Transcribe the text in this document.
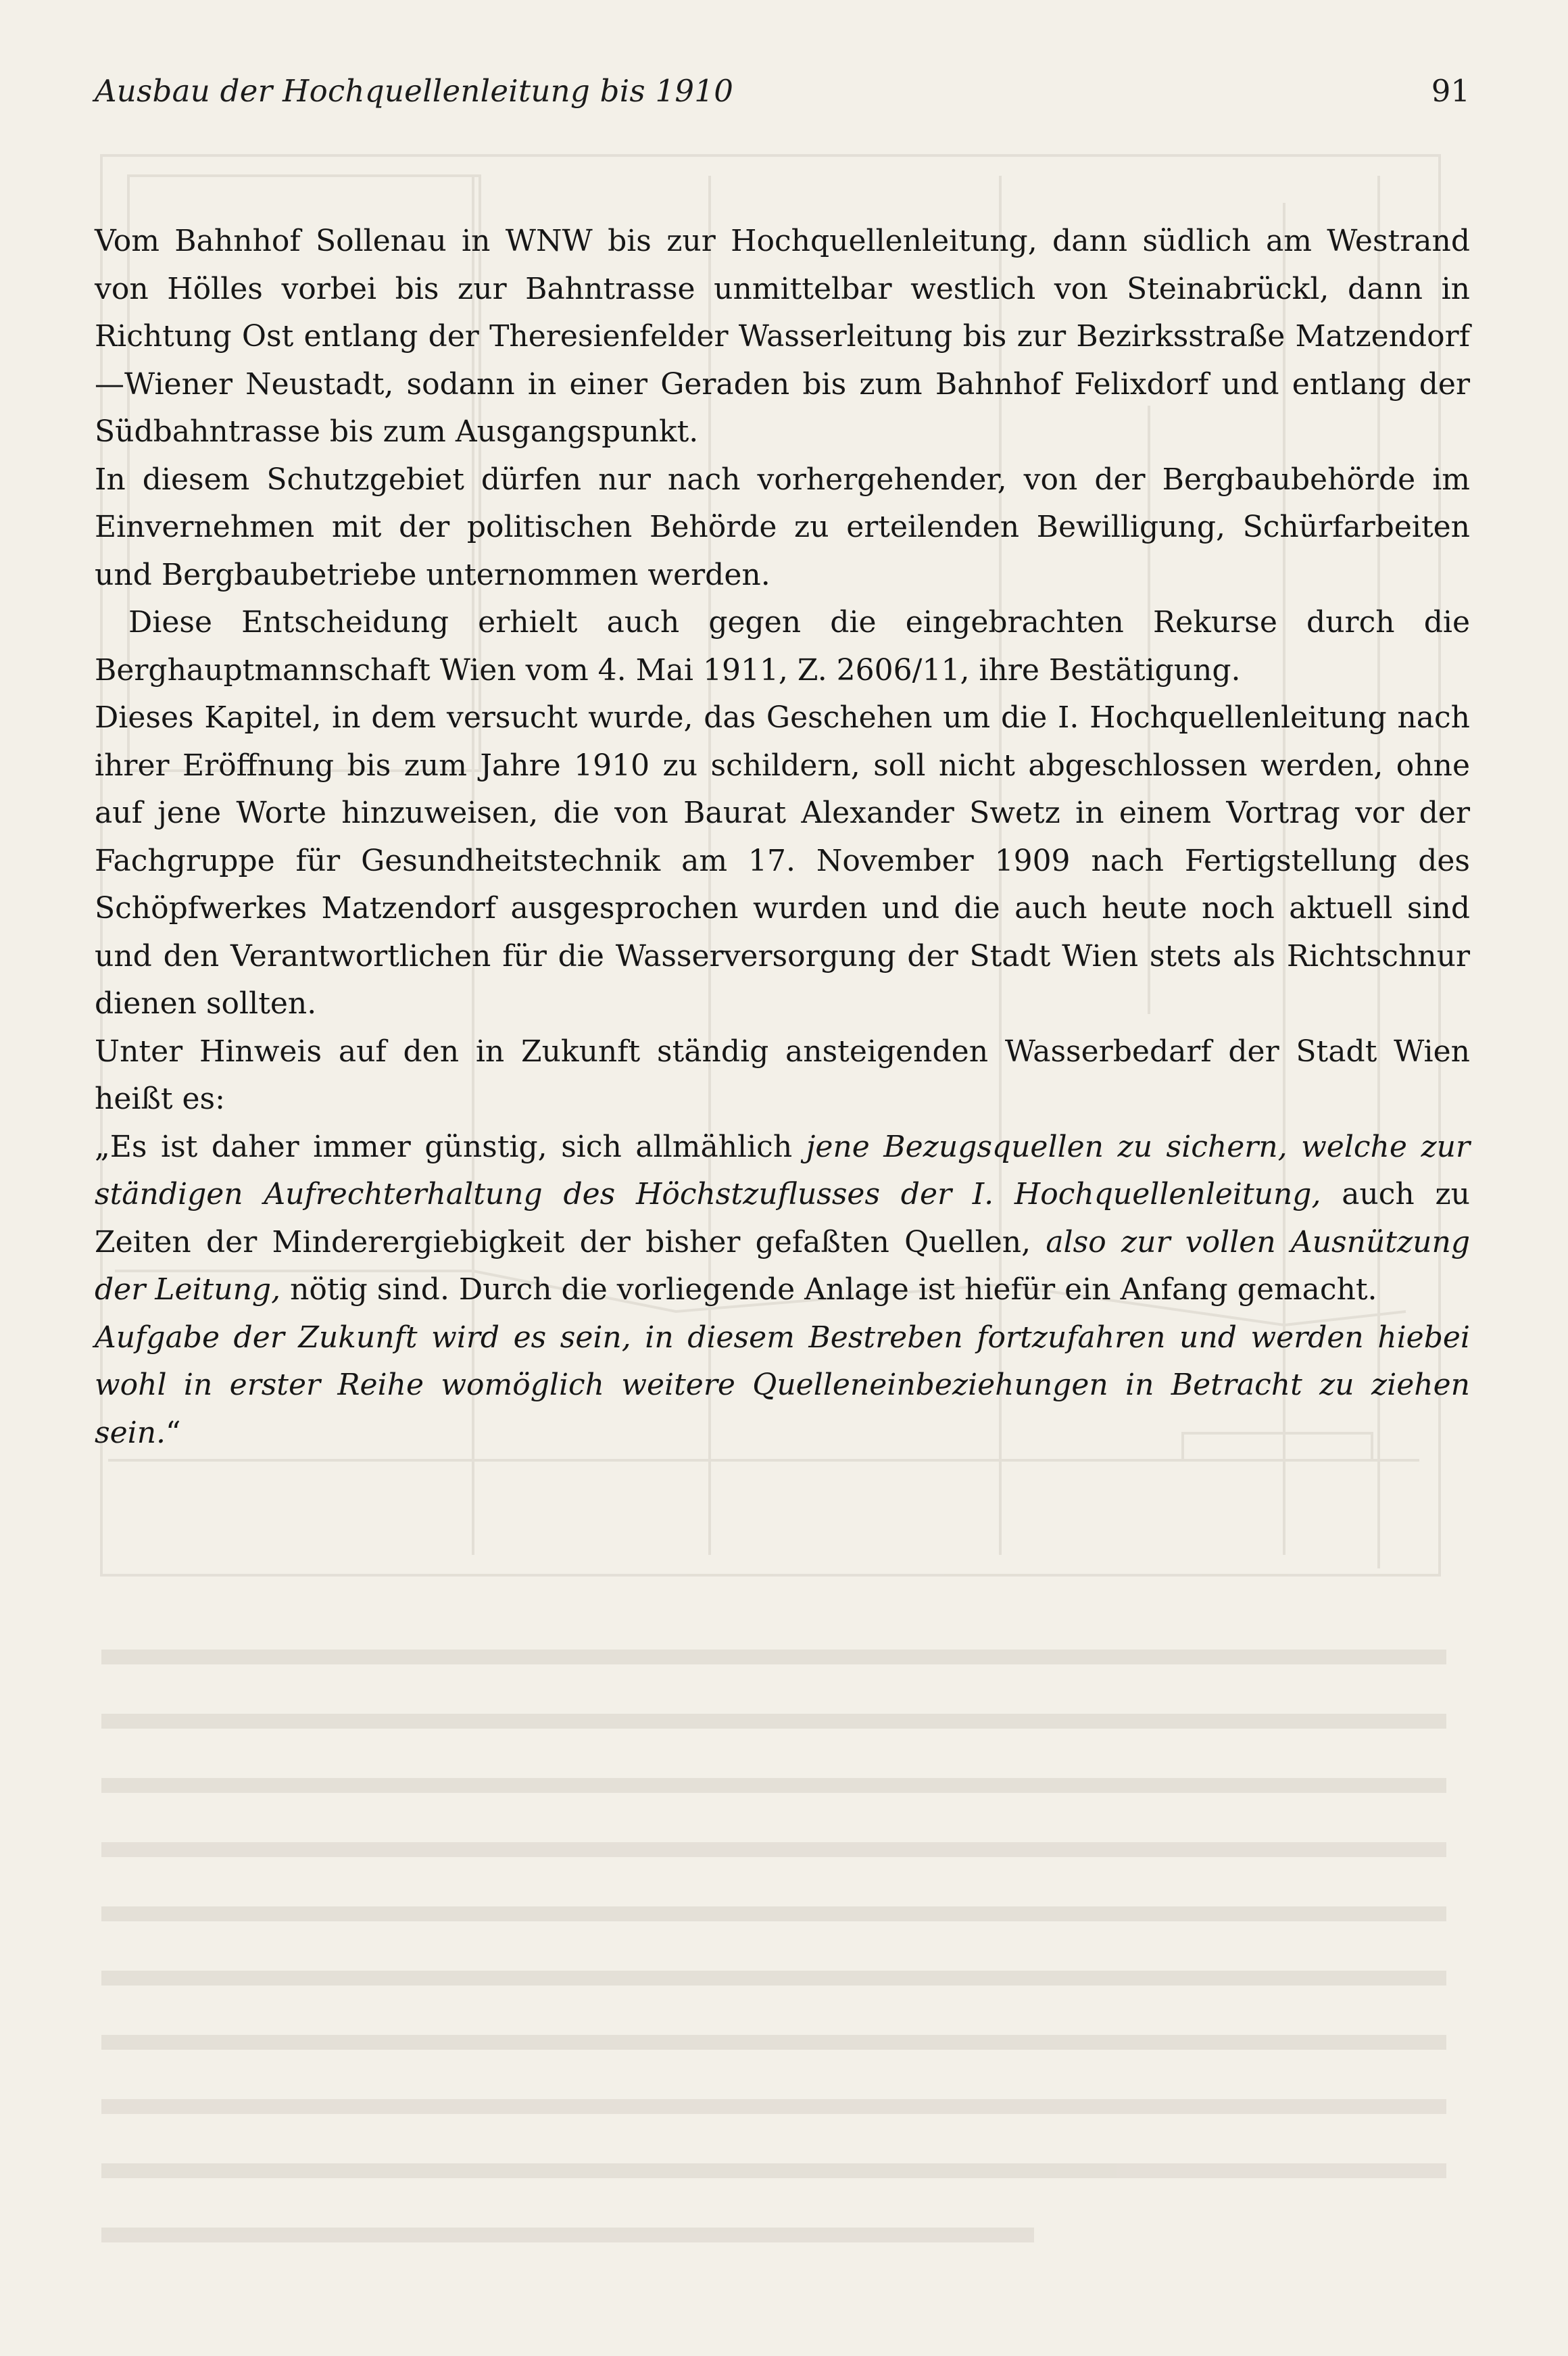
Ausbau der Hochquellenleitung bis 1910	91

Vom Bahnhof Sollenau in WNW bis zur Hochquellenleitung, dann südlich am Westrand von Hölles vorbei bis zur Bahntrasse unmittelbar westlich von Steinabrückl, dann in Richtung Ost entlang der Theresienfelder Wasserleitung bis zur Bezirksstraße Matzendorf—Wiener Neustadt, sodann in einer Geraden bis zum Bahnhof Felixdorf und entlang der Südbahntrasse bis zum Ausgangspunkt.

In diesem Schutzgebiet dürfen nur nach vorhergehender, von der Bergbaubehörde im Einvernehmen mit der politischen Behörde zu erteilenden Bewilligung, Schürfarbeiten und Bergbaubetriebe unternommen werden.

Diese Entscheidung erhielt auch gegen die eingebrachten Rekurse durch die Berghauptmannschaft Wien vom 4. Mai 1911, Z. 2606/11, ihre Bestätigung.

Dieses Kapitel, in dem versucht wurde, das Geschehen um die I. Hochquellenleitung nach ihrer Eröffnung bis zum Jahre 1910 zu schildern, soll nicht abgeschlossen werden, ohne auf jene Worte hinzuweisen, die von Baurat Alexander Swetz in einem Vortrag vor der Fachgruppe für Gesundheitstechnik am 17. November 1909 nach Fertigstellung des Schöpfwerkes Matzendorf ausgesprochen wurden und die auch heute noch aktuell sind und den Verantwortlichen für die Wasserversorgung der Stadt Wien stets als Richtschnur dienen sollten.

Unter Hinweis auf den in Zukunft ständig ansteigenden Wasserbedarf der Stadt Wien heißt es:

„Es ist daher immer günstig, sich allmählich jene Bezugsquellen zu sichern, welche zur ständigen Aufrechterhaltung des Höchstzuflusses der I. Hochquellenleitung, auch zu Zeiten der Minderergiebigkeit der bisher gefaßten Quellen, also zur vollen Ausnützung der Leitung, nötig sind. Durch die vorliegende Anlage ist hiefür ein Anfang gemacht.

Aufgabe der Zukunft wird es sein, in diesem Bestreben fortzufahren und werden hiebei wohl in erster Reihe womöglich weitere Quelleneinbeziehungen in Betracht zu ziehen sein.“
